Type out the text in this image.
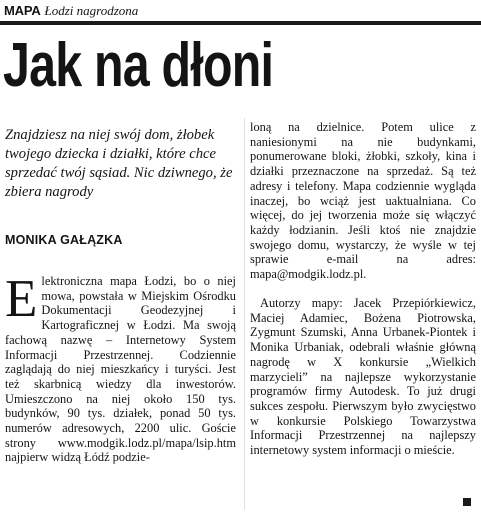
MAPA Łodzi nagrodzona
Jak na dłoni
Znajdziesz na niej swój dom, żłobek twojego dziecka i działki, które chce sprzedać twój sąsiad. Nic dziwnego, że zbiera nagrody
MONIKA GAŁĄZKA

Elektroniczna mapa Łodzi, bo o niej mowa, powstała w Miejskim Ośrodku Dokumentacji Geodezyjnej i Kartograficznej w Łodzi. Ma swoją fachową nazwę – Internetowy System Informacji Przestrzennej. Codziennie zaglądają do niej mieszkańcy i turyści. Jest też skarbnicą wiedzy dla inwestorów. Umieszczono na niej około 150 tys. budynków, 90 tys. działek, ponad 50 tys. numerów adresowych, 2200 ulic. Goście strony www.modgik.lodz.pl/mapa/lsip.htm najpierw widzą Łódź podzie-

loną na dzielnice. Potem ulice z naniesionymi na nie budynkami, ponumerowane bloki, żłobki, szkoły, kina i działki przeznaczone na sprzedaż. Są też adresy i telefony. Mapa codziennie wygląda inaczej, bo wciąż jest uaktualniana. Co więcej, do jej tworzenia może się włączyć każdy łodzianin. Jeśli ktoś nie znajdzie swojego domu, wystarczy, że wyśle w tej sprawie e-mail na adres: mapa@modgik.lodz.pl.

Autorzy mapy: Jacek Przepiórkiewicz, Maciej Adamiec, Bożena Piotrowska, Zygmunt Szumski, Anna Urbanek-Piontek i Monika Urbaniak, odebrali właśnie główną nagrodę w X konkursie „Wielkich marzycieli” na najlepsze wykorzystanie programów firmy Autodesk. To już drugi sukces zespołu. Pierwszym było zwycięstwo w konkursie Polskiego Towarzystwa Informacji Przestrzennej na najlepszy internetowy system informacji o mieście.
